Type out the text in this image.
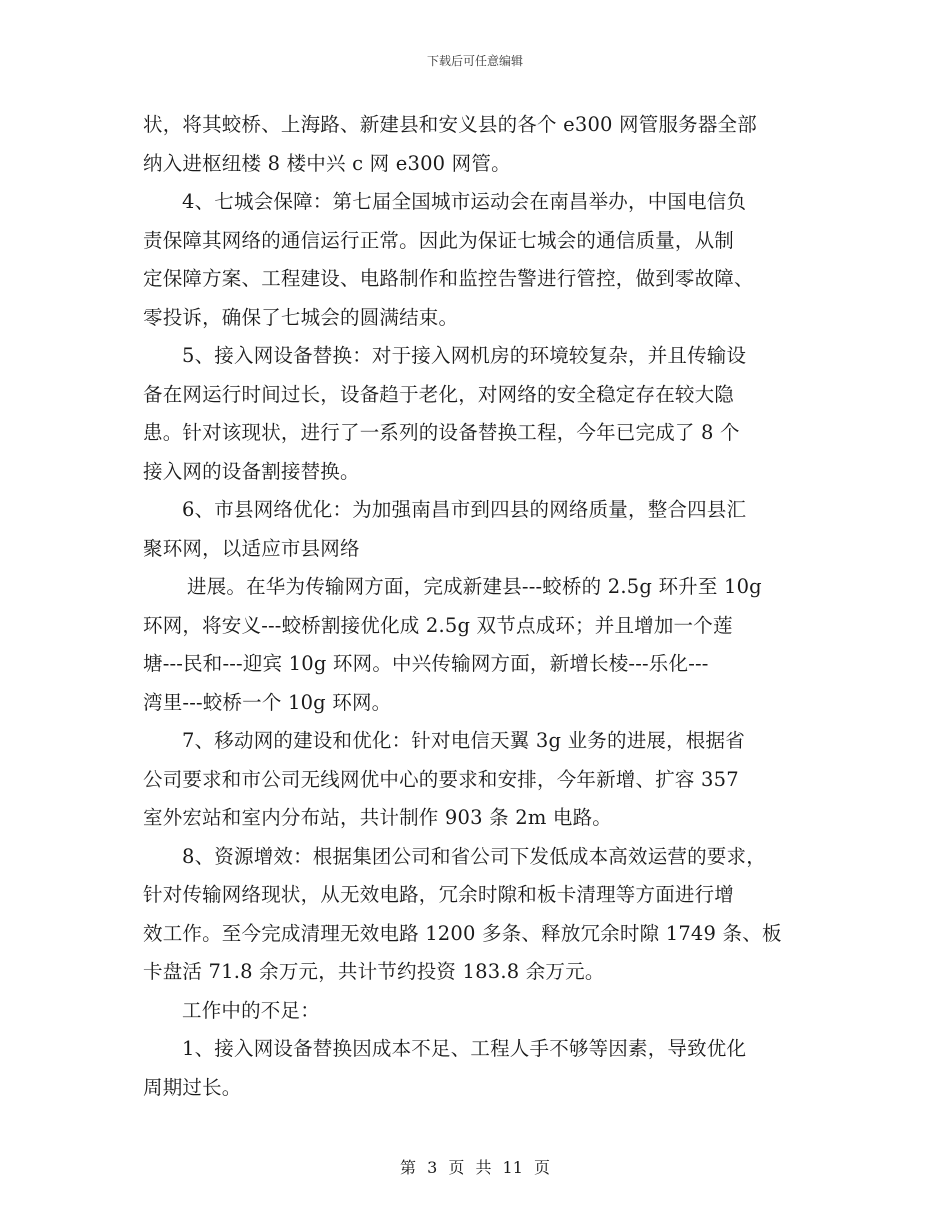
下载后可任意编辑
状，将其蛟桥、上海路、新建县和安义县的各个 e300 网管服务器全部
纳入进枢纽楼 8 楼中兴 c 网 e300 网管。
4、七城会保障：第七届全国城市运动会在南昌举办，中国电信负
责保障其网络的通信运行正常。因此为保证七城会的通信质量，从制
定保障方案、工程建设、电路制作和监控告警进行管控，做到零故障、
零投诉，确保了七城会的圆满结束。
5、接入网设备替换：对于接入网机房的环境较复杂，并且传输设
备在网运行时间过长，设备趋于老化，对网络的安全稳定存在较大隐
患。针对该现状，进行了一系列的设备替换工程，今年已完成了 8 个
接入网的设备割接替换。
6、市县网络优化：为加强南昌市到四县的网络质量，整合四县汇
聚环网，以适应市县网络
进展。在华为传输网方面，完成新建县---蛟桥的 2.5g 环升至 10g
环网，将安义---蛟桥割接优化成 2.5g 双节点成环；并且增加一个莲
塘---民和---迎宾 10g 环网。中兴传输网方面，新增长棱---乐化---
湾里---蛟桥一个 10g 环网。
7、移动网的建设和优化：针对电信天翼 3g 业务的进展，根据省
公司要求和市公司无线网优中心的要求和安排，今年新增、扩容 357
室外宏站和室内分布站，共计制作 903 条 2m 电路。
8、资源增效：根据集团公司和省公司下发低成本高效运营的要求，
针对传输网络现状，从无效电路，冗余时隙和板卡清理等方面进行增
效工作。至今完成清理无效电路 1200 多条、释放冗余时隙 1749 条、板
卡盘活 71.8 余万元，共计节约投资 183.8 余万元。
工作中的不足：
1、接入网设备替换因成本不足、工程人手不够等因素，导致优化
周期过长。
第 3 页 共 11 页
